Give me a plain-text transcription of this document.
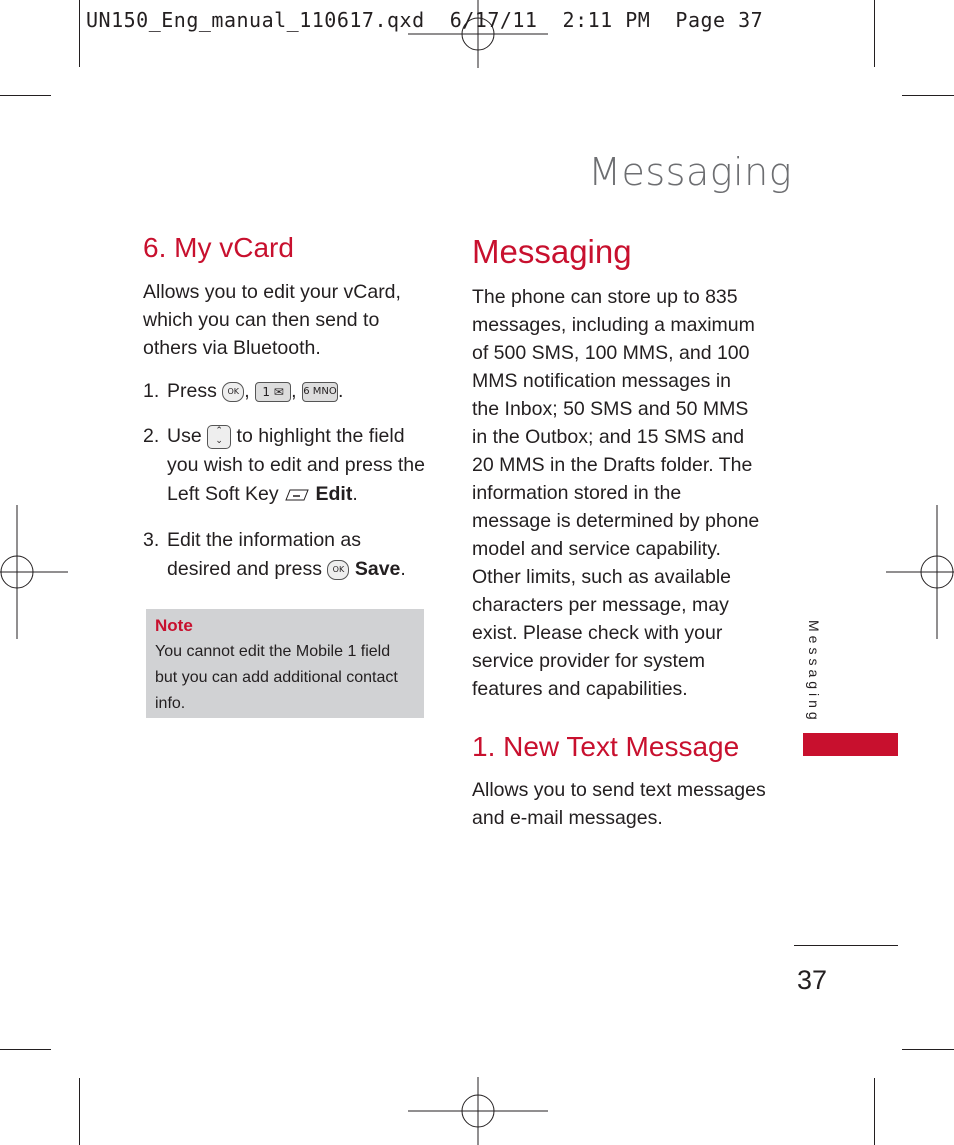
UN150_Eng_manual_110617.qxd  6/17/11  2:11 PM  Page 37
Messaging
6. My vCard
Allows you to edit your vCard,
which you can then send to
others via Bluetooth.
1. Press OK , 1 ✉ , 6 MNO.
2. Use ⌃
⌄ to highlight the field
you wish to edit and press the
Left Soft Key Edit.
3. Edit the information as
desired and press OK Save.
Note
You cannot edit the Mobile 1 field
but you can add additional contact
info.
Messaging
The phone can store up to 835
messages, including a maximum
of 500 SMS, 100 MMS, and 100
MMS notification messages in
the Inbox; 50 SMS and 50 MMS
in the Outbox; and 15 SMS and
20 MMS in the Drafts folder. The
information stored in the
message is determined by phone
model and service capability.
Other limits, such as available
characters per message, may
exist. Please check with your
service provider for system
features and capabilities.
1. New Text Message
Allows you to send text messages
and e-mail messages.
Messaging
37
